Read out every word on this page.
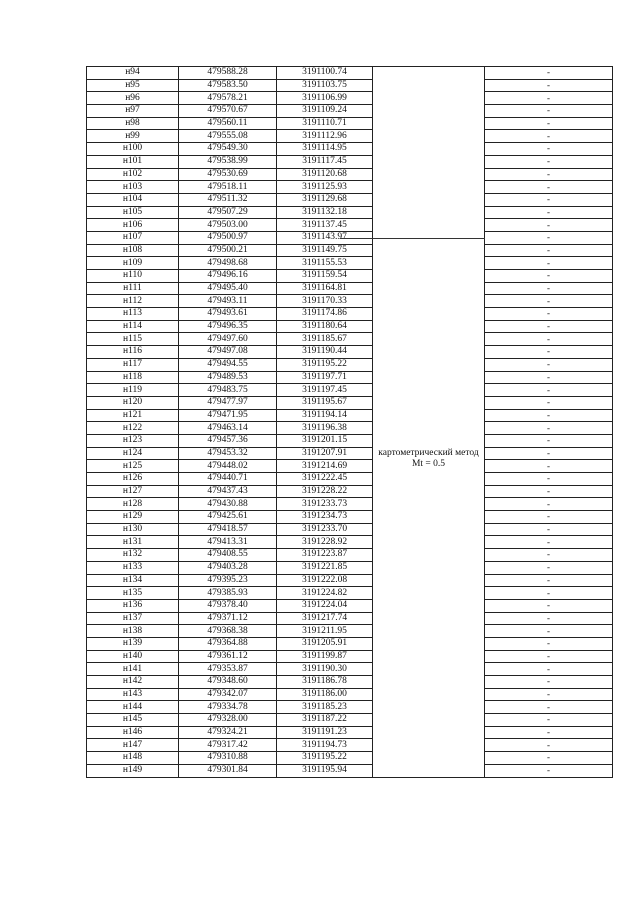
н94	479588.28	3191100.74	картометрический метод Mt = 0.5	-
н95	479583.50	3191103.75		-
н96	479578.21	3191106.99		-
н97	479570.67	3191109.24		-
н98	479560.11	3191110.71		-
н99	479555.08	3191112.96		-
н100	479549.30	3191114.95		-
н101	479538.99	3191117.45		-
н102	479530.69	3191120.68		-
н103	479518.11	3191125.93		-
н104	479511.32	3191129.68		-
н105	479507.29	3191132.18		-
н106	479503.00	3191137.45		-
н107	479500.97	3191143.97		-
н108	479500.21	3191149.75		-
н109	479498.68	3191155.53		-
н110	479496.16	3191159.54		-
н111	479495.40	3191164.81		-
н112	479493.11	3191170.33		-
н113	479493.61	3191174.86		-
н114	479496.35	3191180.64		-
н115	479497.60	3191185.67		-
н116	479497.08	3191190.44		-
н117	479494.55	3191195.22		-
н118	479489.53	3191197.71		-
н119	479483.75	3191197.45		-
н120	479477.97	3191195.67		-
н121	479471.95	3191194.14		-
н122	479463.14	3191196.38		-
н123	479457.36	3191201.15		-
н124	479453.32	3191207.91		-
н125	479448.02	3191214.69		-
н126	479440.71	3191222.45		-
н127	479437.43	3191228.22		-
н128	479430.88	3191233.73		-
н129	479425.61	3191234.73		-
н130	479418.57	3191233.70		-
н131	479413.31	3191228.92		-
н132	479408.55	3191223.87		-
н133	479403.28	3191221.85		-
н134	479395.23	3191222.08		-
н135	479385.93	3191224.82		-
н136	479378.40	3191224.04		-
н137	479371.12	3191217.74		-
н138	479368.38	3191211.95		-
н139	479364.88	3191205.91		-
н140	479361.12	3191199.87		-
н141	479353.87	3191190.30		-
н142	479348.60	3191186.78		-
н143	479342.07	3191186.00		-
н144	479334.78	3191185.23		-
н145	479328.00	3191187.22		-
н146	479324.21	3191191.23		-
н147	479317.42	3191194.73		-
н148	479310.88	3191195.22		-
н149	479301.84	3191195.94		-
